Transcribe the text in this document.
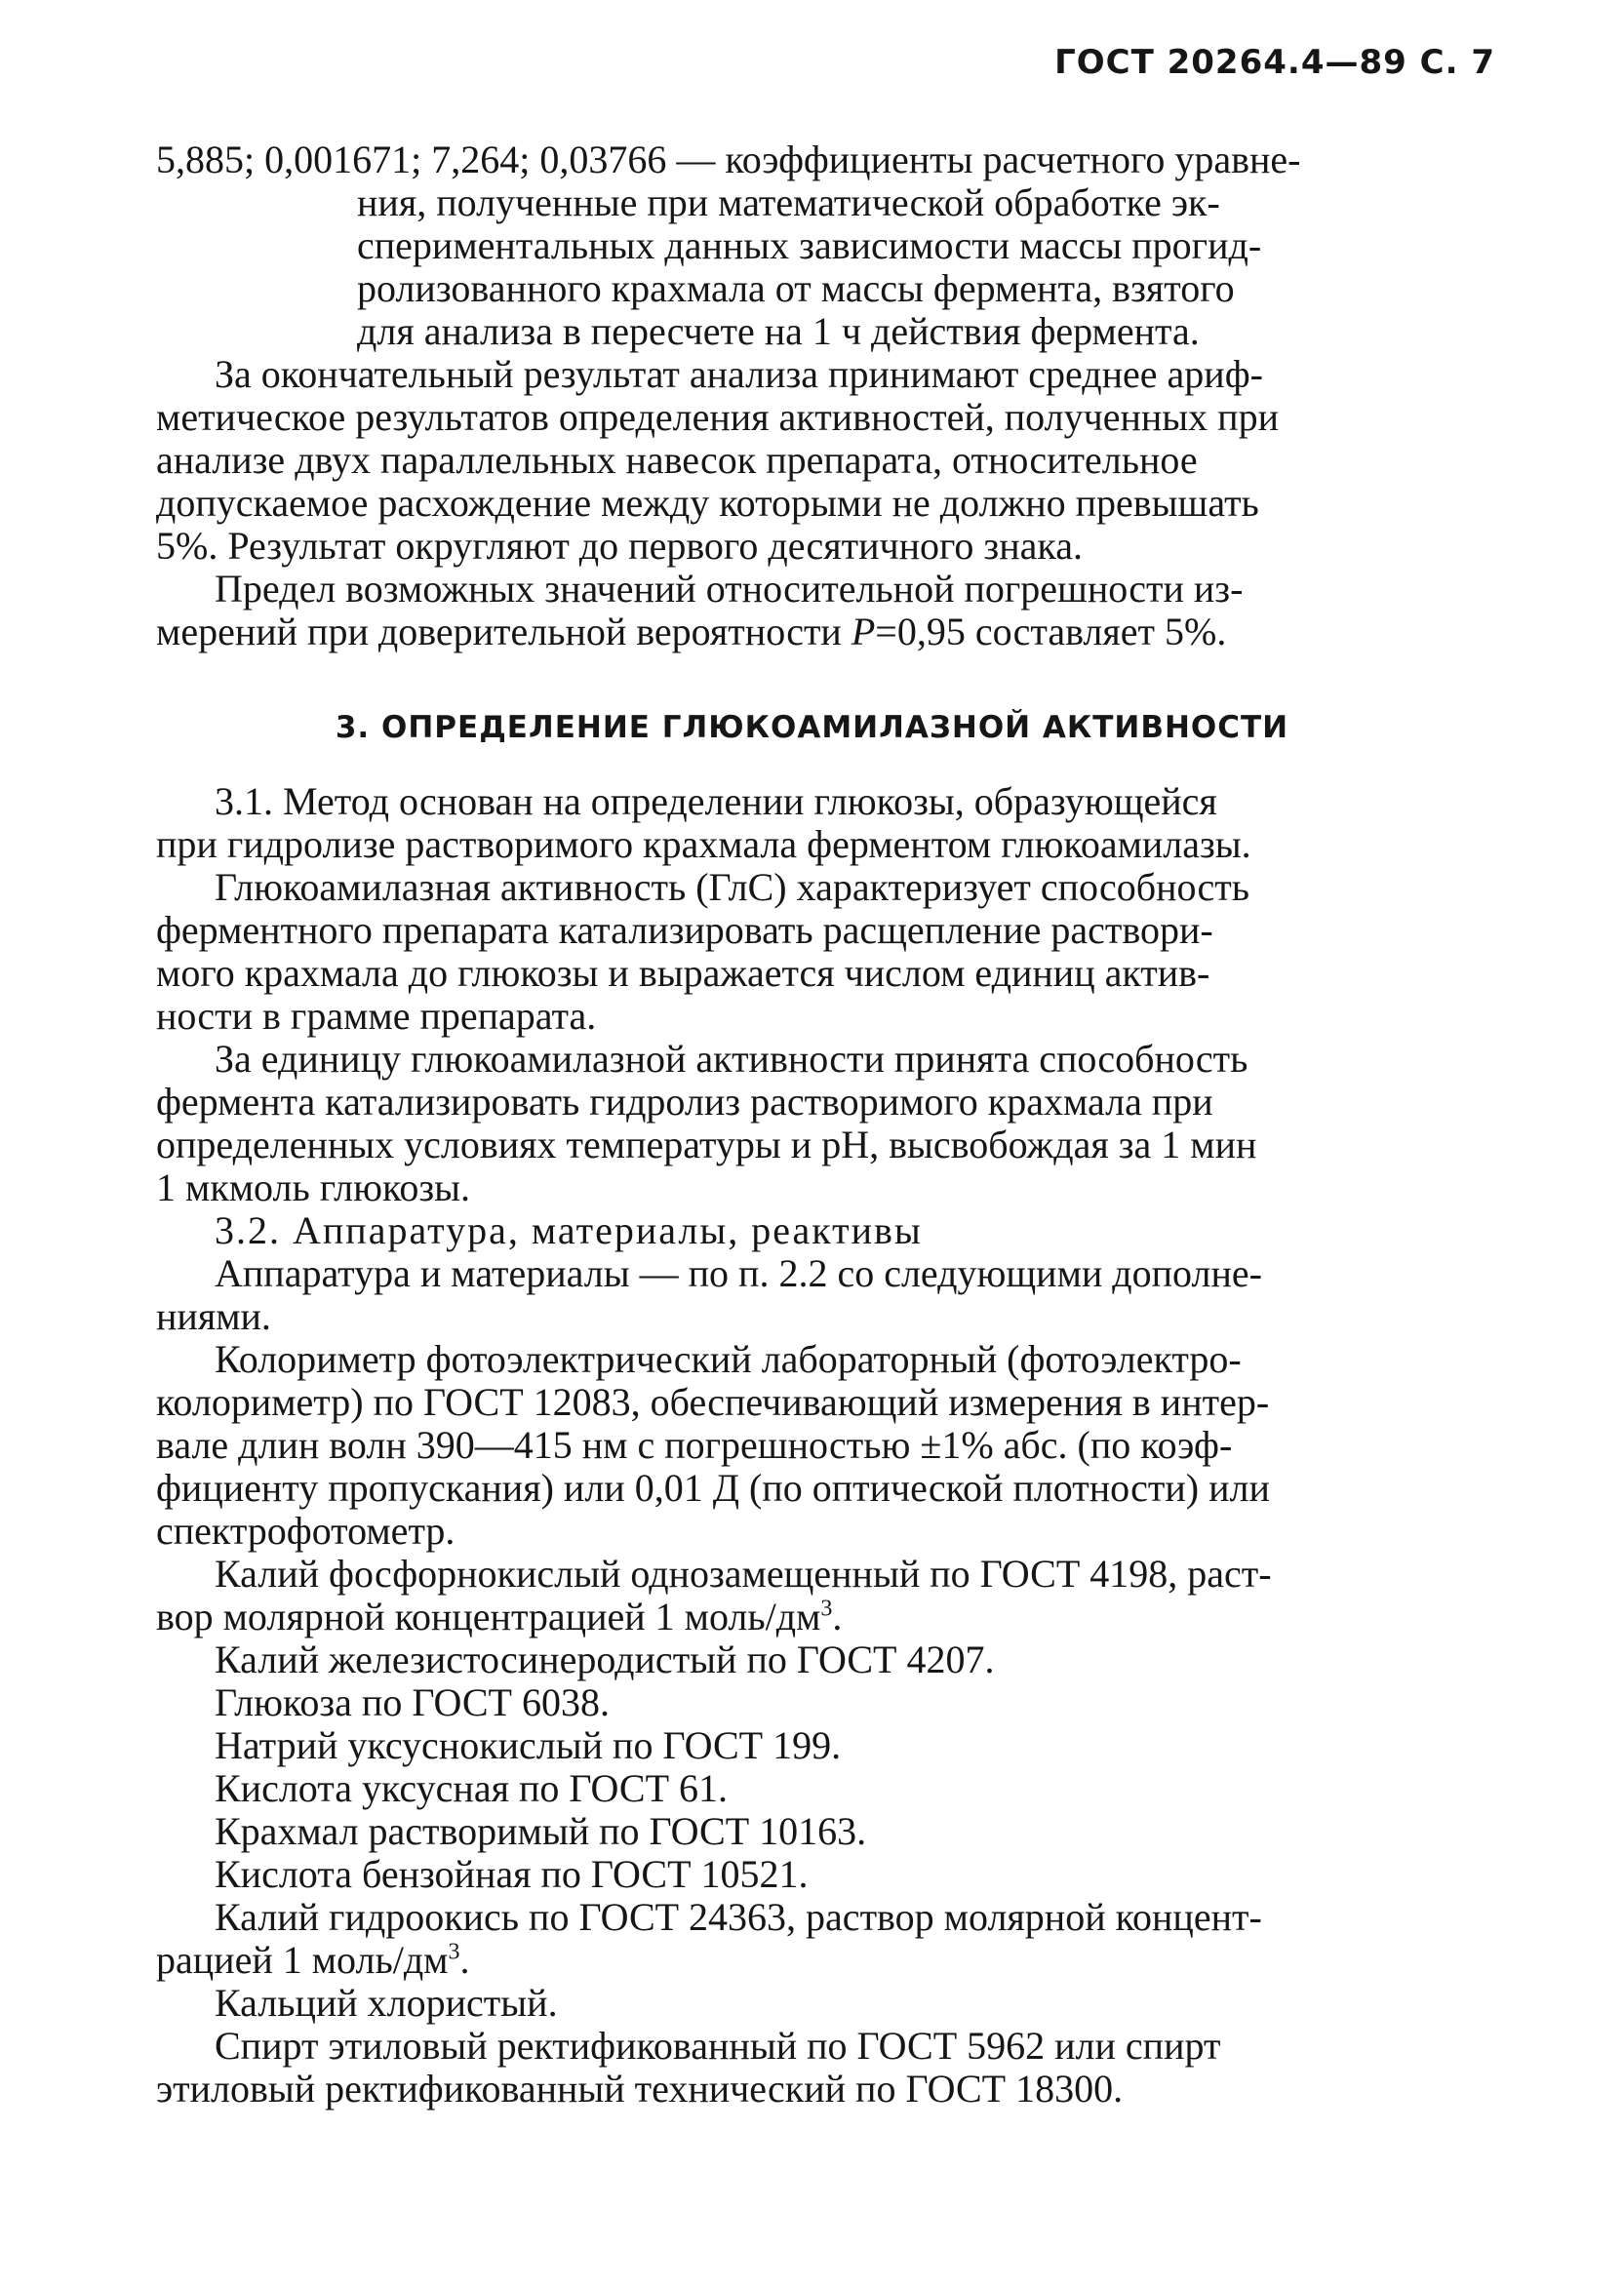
ГОСТ 20264.4—89 С. 7
5,885; 0,001671; 7,264; 0,03766 — коэффициенты расчетного уравне-
ния, полученные при математической обработке эк-
спериментальных данных зависимости массы прогид-
ролизованного крахмала от массы фермента, взятого
для анализа в пересчете на 1 ч действия фермента.
За окончательный результат анализа принимают среднее ариф-
метическое результатов определения активностей, полученных при
анализе двух параллельных навесок препарата, относительное
допускаемое расхождение между которыми не должно превышать
5%. Результат округляют до первого десятичного знака.
Предел возможных значений относительной погрешности из-
мерений при доверительной вероятности Р=0,95 составляет 5%.
3. ОПРЕДЕЛЕНИЕ ГЛЮКОАМИЛАЗНОЙ АКТИВНОСТИ
3.1. Метод основан на определении глюкозы, образующейся
при гидролизе растворимого крахмала ферментом глюкоамилазы.
Глюкоамилазная активность (ГлС) характеризует способность
ферментного препарата катализировать расщепление раствори-
мого крахмала до глюкозы и выражается числом единиц актив-
ности в грамме препарата.
За единицу глюкоамилазной активности принята способность
фермента катализировать гидролиз растворимого крахмала при
определенных условиях температуры и pH, высвобождая за 1 мин
1 мкмоль глюкозы.
3.2. Аппаратура, материалы, реактивы
Аппаратура и материалы — по п. 2.2 со следующими дополне-
ниями.
Колориметр фотоэлектрический лабораторный (фотоэлектро-
колориметр) по ГОСТ 12083, обеспечивающий измерения в интер-
вале длин волн 390—415 нм с погрешностью ±1% абс. (по коэф-
фициенту пропускания) или 0,01 Д (по оптической плотности) или
спектрофотометр.
Калий фосфорнокислый однозамещенный по ГОСТ 4198, раст-
вор молярной концентрацией 1 моль/$дм^3$.
Калий железистосинеродистый по ГОСТ 4207.
Глюкоза по ГОСТ 6038.
Натрий уксуснокислый по ГОСТ 199.
Кислота уксусная по ГОСТ 61.
Крахмал растворимый по ГОСТ 10163.
Кислота бензойная по ГОСТ 10521.
Калий гидроокись по ГОСТ 24363, раствор молярной концент-
рацией 1 моль/$дм^3$.
Кальций хлористый.
Спирт этиловый ректификованный по ГОСТ 5962 или спирт
этиловый ректификованный технический по ГОСТ 18300.
